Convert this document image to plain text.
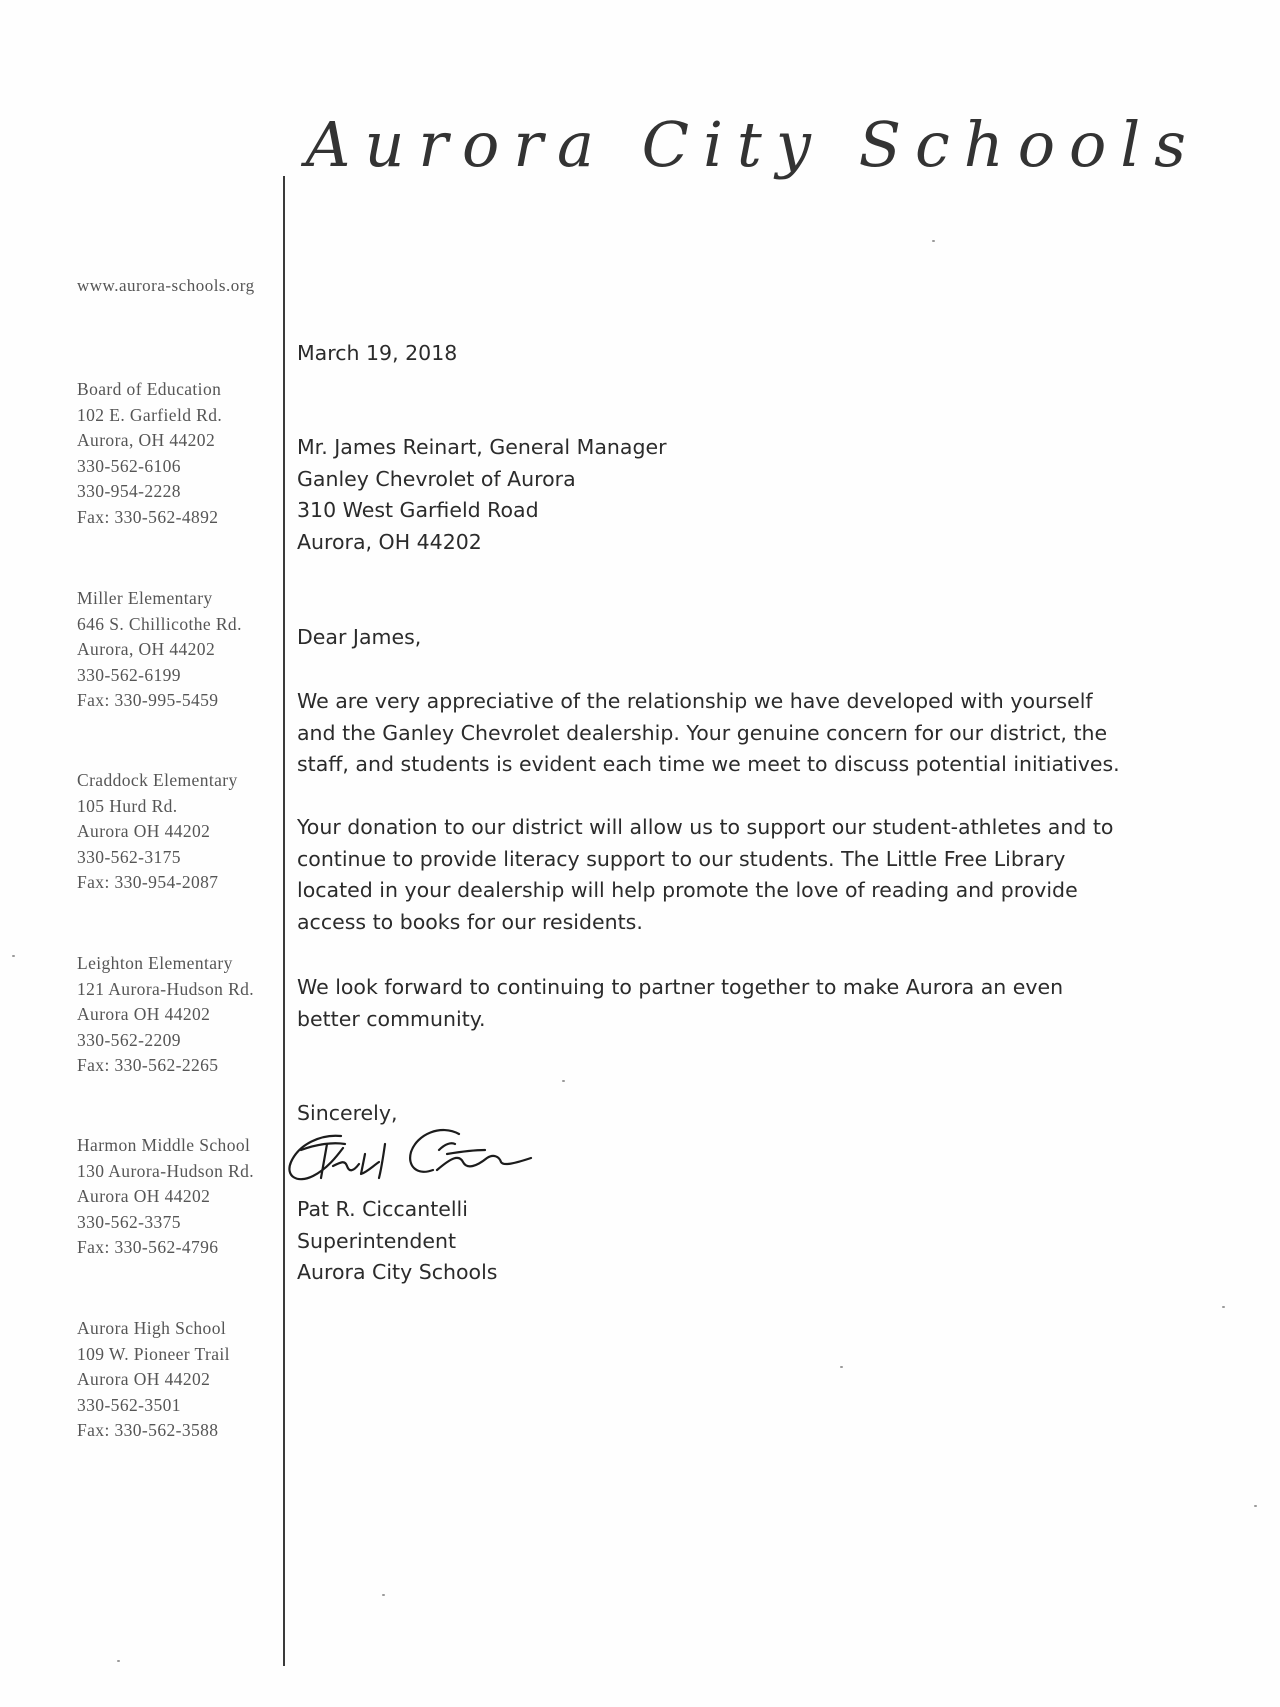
Aurora City Schools
www.aurora-schools.org
Board of Education
102 E. Garfield Rd.
Aurora, OH 44202
330-562-6106
330-954-2228
Fax: 330-562-4892
Miller Elementary
646 S. Chillicothe Rd.
Aurora, OH 44202
330-562-6199
Fax: 330-995-5459
Craddock Elementary
105 Hurd Rd.
Aurora OH 44202
330-562-3175
Fax: 330-954-2087
Leighton Elementary
121 Aurora-Hudson Rd.
Aurora OH 44202
330-562-2209
Fax: 330-562-2265
Harmon Middle School
130 Aurora-Hudson Rd.
Aurora OH 44202
330-562-3375
Fax: 330-562-4796
Aurora High School
109 W. Pioneer Trail
Aurora OH 44202
330-562-3501
Fax: 330-562-3588
March 19, 2018
Mr. James Reinart, General Manager
Ganley Chevrolet of Aurora
310 West Garfield Road
Aurora, OH 44202
Dear James,
We are very appreciative of the relationship we have developed with yourself
and the Ganley Chevrolet dealership. Your genuine concern for our district, the
staff, and students is evident each time we meet to discuss potential initiatives.
Your donation to our district will allow us to support our student-athletes and to
continue to provide literacy support to our students. The Little Free Library
located in your dealership will help promote the love of reading and provide
access to books for our residents.
We look forward to continuing to partner together to make Aurora an even
better community.
Sincerely,
Pat R. Ciccantelli
Superintendent
Aurora City Schools
